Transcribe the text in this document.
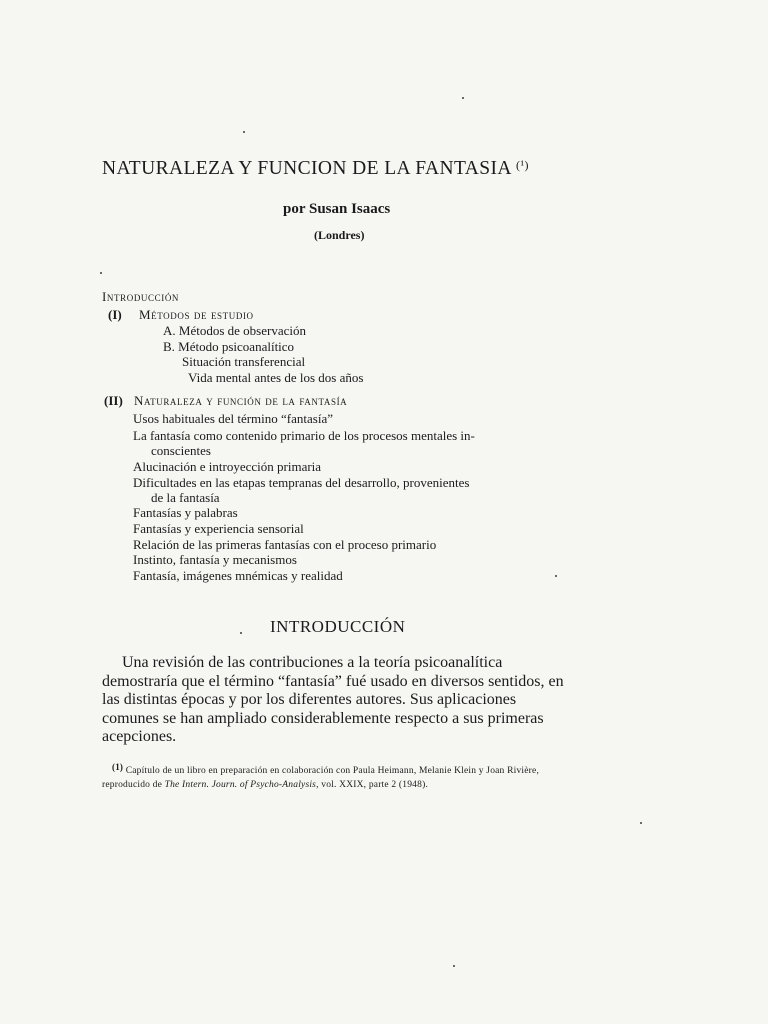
NATURALEZA Y FUNCION DE LA FANTASIA $^{(^1)}$
por Susan Isaacs
(Londres)
Introducción
(I) Métodos de estudio
A. Métodos de observación
B. Método psicoanalítico
Situación transferencial
Vida mental antes de los dos años
(II) Naturaleza y función de la fantasía
Usos habituales del término “fantasía”
La fantasía como contenido primario de los procesos mentales in-
conscientes
Alucinación e introyección primaria
Dificultades en las etapas tempranas del desarrollo, provenientes
de la fantasía
Fantasías y palabras
Fantasías y experiencia sensorial
Relación de las primeras fantasías con el proceso primario
Instinto, fantasía y mecanismos
Fantasía, imágenes mnémicas y realidad
INTRODUCCIÓN
Una revisión de las contribuciones a la teoría psicoanalítica demostraría que el término “fantasía” fué usado en diversos sentidos, en las distintas épocas y por los diferentes autores. Sus aplicaciones comunes se han ampliado considerablemente respecto a sus primeras acepciones.
(1) Capítulo de un libro en preparación en colaboración con Paula Heimann, Melanie Klein y Joan Rivière, reproducido de The Intern. Journ. of Psycho-Analysis, vol. XXIX, parte 2 (1948).
